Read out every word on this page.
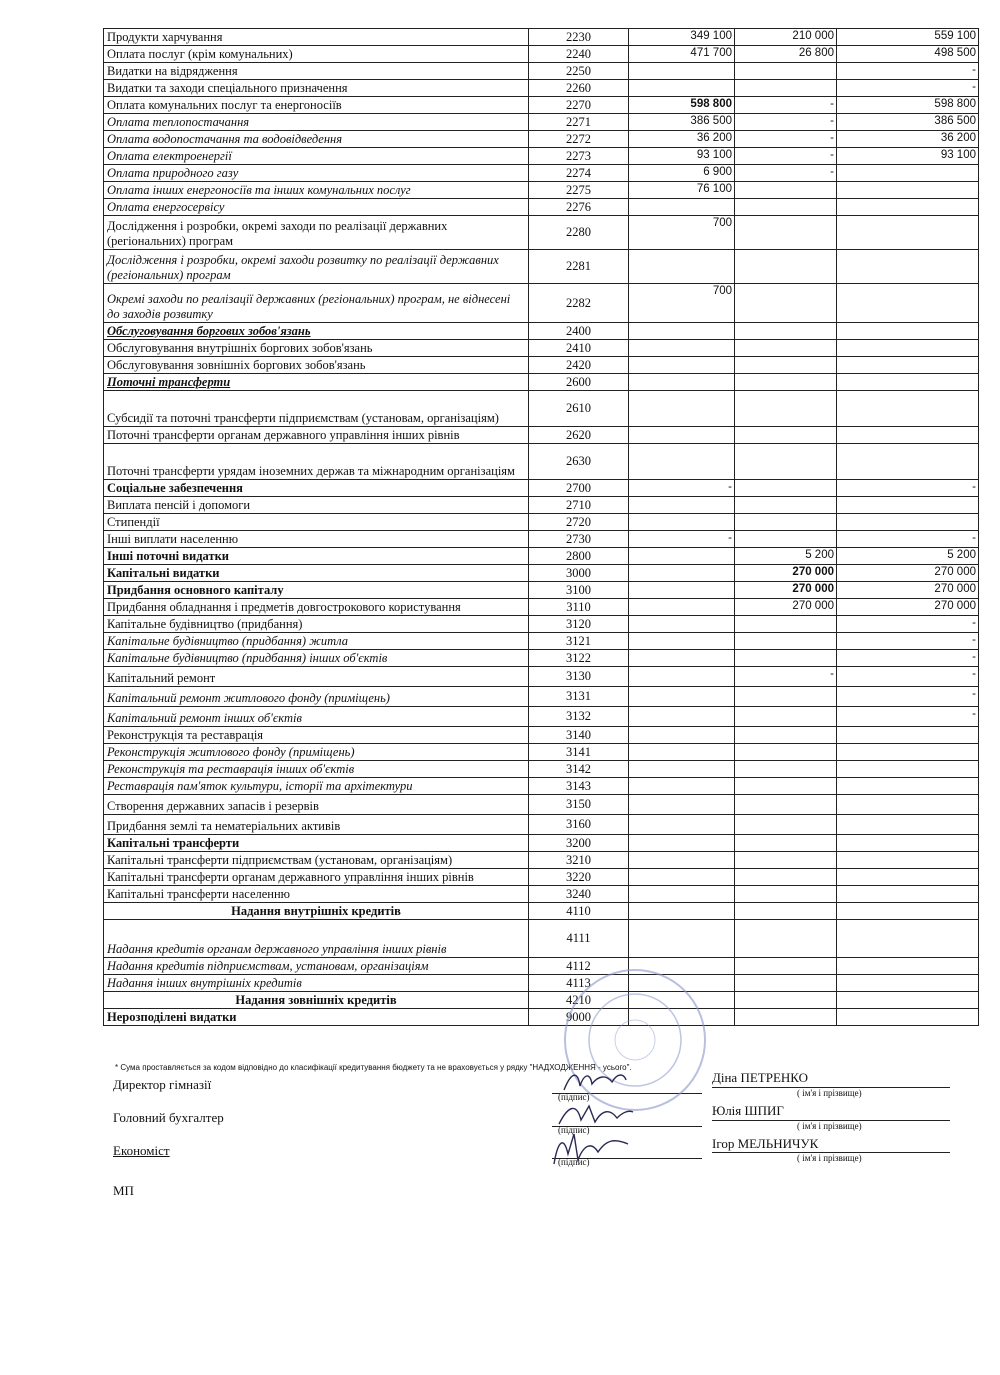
Продукти харчування	2230	349 100	210 000	559 100
Оплата послуг (крім комунальних)	2240	471 700	26 800	498 500
Видатки на відрядження	2250			-
Видатки та заходи спеціального призначення	2260			-
Оплата комунальних послуг та енергоносіїв	2270	598 800	-	598 800
Оплата теплопостачання	2271	386 500	-	386 500
Оплата водопостачання та водовідведення	2272	36 200	-	36 200
Оплата електроенергії	2273	93 100	-	93 100
Оплата природного газу	2274	6 900	-	
Оплата інших енергоносіїв та інших комунальних послуг	2275	76 100		
Оплата енергосервісу	2276			
Дослідження і розробки, окремі заходи по реалізації державних (регіональних) програм	2280	700		
Дослідження і розробки, окремі заходи розвитку по реалізації державних (регіональних) програм	2281			
Окремі заходи по реалізації державних (регіональних) програм, не віднесені до заходів розвитку	2282	700		
Обслуговування боргових зобов'язань	2400			
Обслуговування внутрішніх боргових зобов'язань	2410			
Обслуговування зовнішніх боргових зобов'язань	2420			
Поточні трансферти	2600			
Субсидії та поточні трансферти підприємствам (установам, організаціям)	2610			
Поточні трансферти органам державного управління інших рівнів	2620			
Поточні трансферти урядам іноземних держав та міжнародним організаціям	2630			
Соціальне забезпечення	2700	-		-
Виплата пенсій і допомоги	2710			
Стипендії	2720			
Інші виплати населенню	2730	-		-
Інші поточні видатки	2800		5 200	5 200
Капітальні видатки	3000		270 000	270 000
Придбання основного капіталу	3100		270 000	270 000
Придбання обладнання і предметів довгострокового користування	3110		270 000	270 000
Капітальне будівництво (придбання)	3120			-
Капітальне будівництво (придбання) житла	3121			-
Капітальне будівництво (придбання) інших об'єктів	3122			-
Капітальний ремонт	3130		-	-
Капітальний ремонт житлового фонду (приміщень)	3131			-
Капітальний ремонт інших об'єктів	3132			-
Реконструкція та реставрація	3140			
Реконструкція житлового фонду (приміщень)	3141			
Реконструкція та реставрація інших об'єктів	3142			
Реставрація пам'яток культури, історії та архітектури	3143			
Створення державних запасів і резервів	3150			
Придбання землі та нематеріальних активів	3160			
Капітальні трансферти	3200			
Капітальні трансферти підприємствам (установам, організаціям)	3210			
Капітальні трансферти органам державного управління інших рівнів	3220			
Капітальні трансферти населенню	3240			
Надання внутрішніх кредитів	4110			
Надання кредитів органам державного управління інших рівнів	4111			
Надання кредитів підприємствам, установам, організаціям	4112			
Надання інших внутрішніх кредитів	4113			
Надання зовнішніх кредитів	4210			
Нерозподілені видатки	9000			
* Сума проставляється за кодом відповідно до класифікації кредитування бюджету та не враховується у рядку "НАДХОДЖЕННЯ - усього".
Директор гімназії	Діна ПЕТРЕНКО
( ім'я і прізвище)
(підпис)
Головний бухгалтер	Юлія ШПИГ
( ім'я і прізвище)
(підпис)
Економіст	Ігор МЕЛЬНИЧУК
( ім'я і прізвище)
(підпис)
МП
